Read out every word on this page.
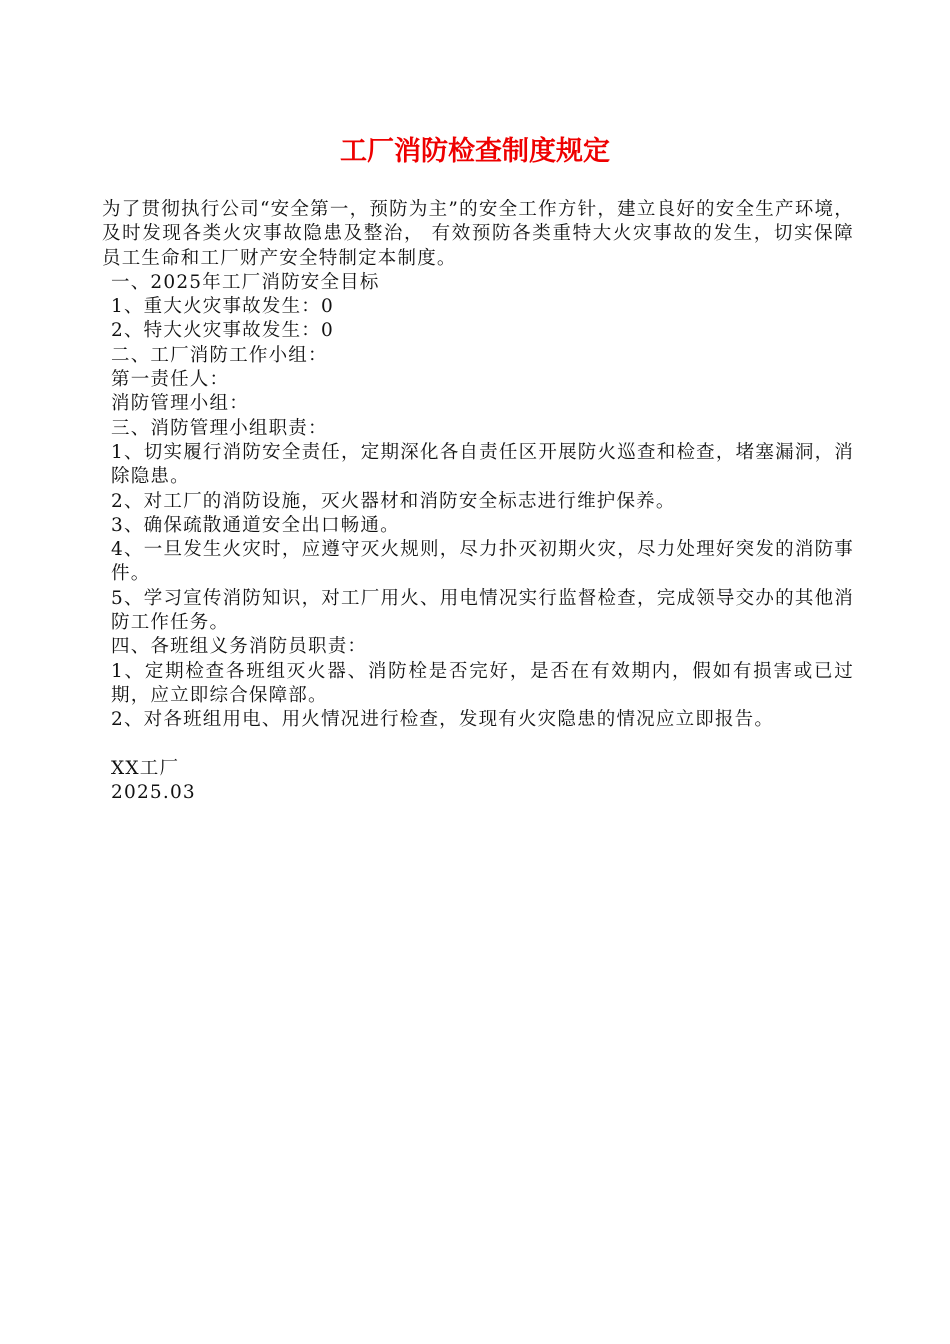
工厂消防检查制度规定

为了贯彻执行公司“安全第一，预防为主”的安全工作方针，建立良好的安全生产环境，及时发现各类火灾事故隐患及整治， 有效预防各类重特大火灾事故的发生，切实保障员工生命和工厂财产安全特制定本制度。

一、2025年工厂消防安全目标

1、重大火灾事故发生：0

2、特大火灾事故发生：0

二、工厂消防工作小组：

第一责任人：

消防管理小组：

三、消防管理小组职责：

1、切实履行消防安全责任，定期深化各自责任区开展防火巡查和检查，堵塞漏洞，消除隐患。

2、对工厂的消防设施，灭火器材和消防安全标志进行维护保养。

3、确保疏散通道安全出口畅通。

4、一旦发生火灾时，应遵守灭火规则，尽力扑灭初期火灾，尽力处理好突发的消防事件。

5、学习宣传消防知识，对工厂用火、用电情况实行监督检查，完成领导交办的其他消防工作任务。

四、各班组义务消防员职责：

1、定期检查各班组灭火器、消防栓是否完好，是否在有效期内，假如有损害或已过期，应立即综合保障部。

2、对各班组用电、用火情况进行检查，发现有火灾隐患的情况应立即报告。

XX工厂

2025.03
